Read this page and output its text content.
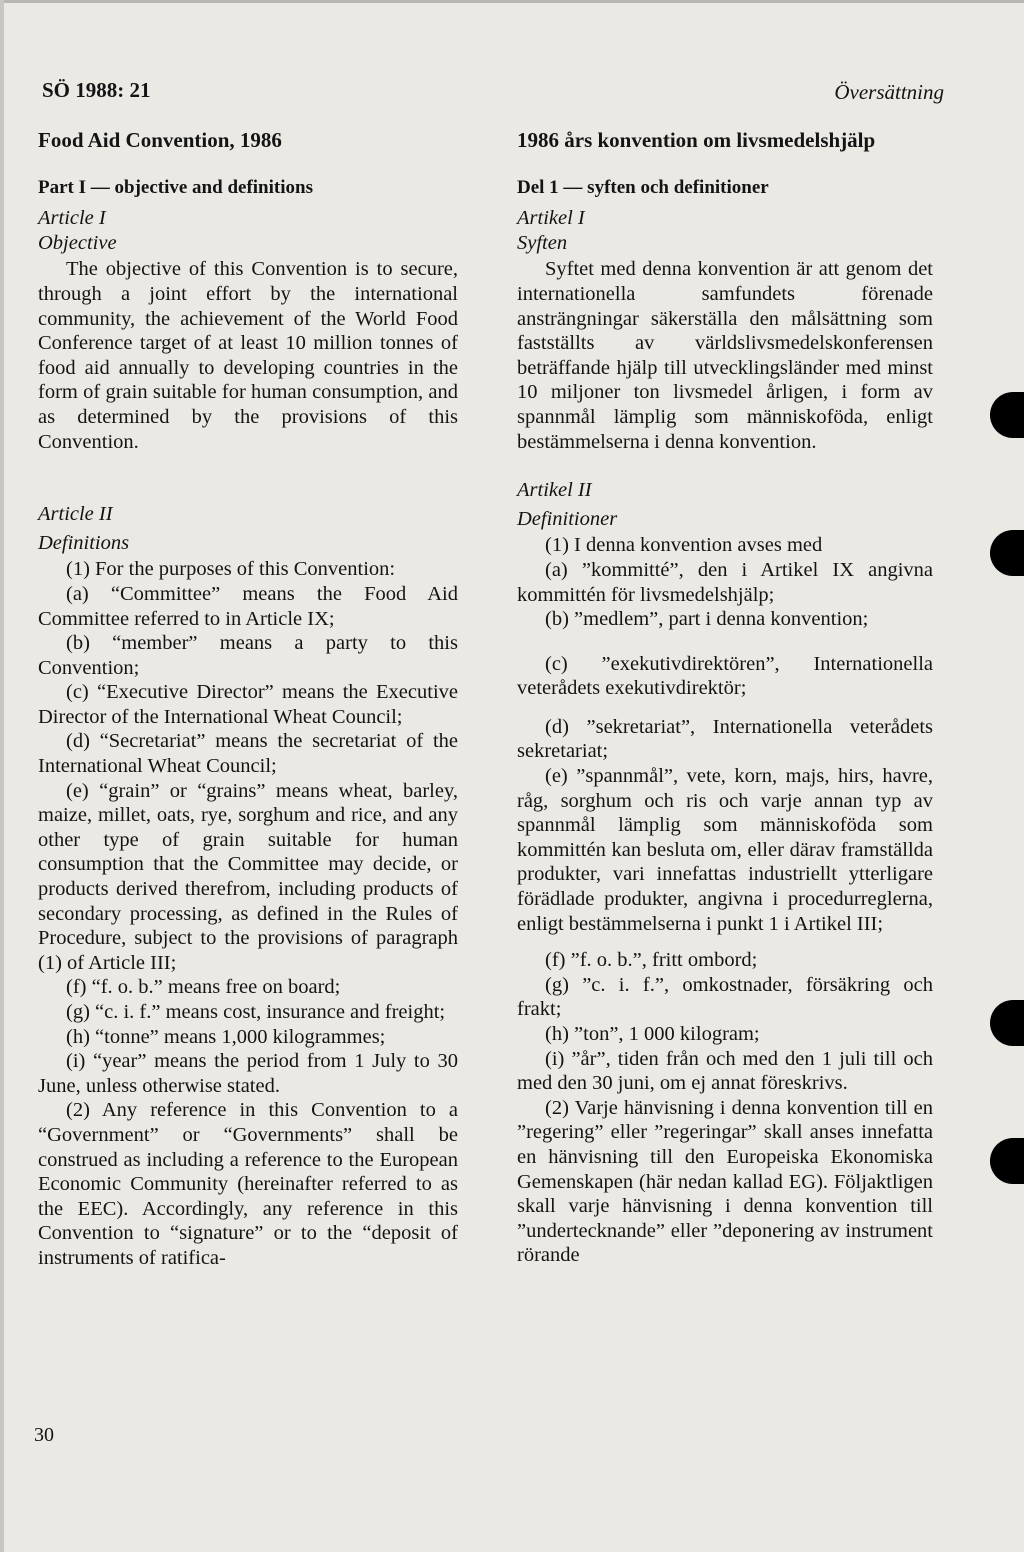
SÖ 1988: 21	Översättning

Food Aid Convention, 1986

Part I — objective and definitions

Article I

Objective

The objective of this Convention is to secure, through a joint effort by the international community, the achievement of the World Food Conference target of at least 10 million tonnes of food aid annually to developing countries in the form of grain suitable for human consumption, and as determined by the provisions of this Convention.

Article II

Definitions

(1) For the purposes of this Convention:

(a) “Committee” means the Food Aid Committee referred to in Article IX;

(b) “member” means a party to this Convention;

(c) “Executive Director” means the Executive Director of the International Wheat Council;

(d) “Secretariat” means the secretariat of the International Wheat Council;

(e) “grain” or “grains” means wheat, barley, maize, millet, oats, rye, sorghum and rice, and any other type of grain suitable for human consumption that the Committee may decide, or products derived therefrom, including products of secondary processing, as defined in the Rules of Procedure, subject to the provisions of paragraph (1) of Article III;

(f) “f. o. b.” means free on board;

(g) “c. i. f.” means cost, insurance and freight;

(h) “tonne” means 1,000 kilogrammes;

(i) “year” means the period from 1 July to 30 June, unless otherwise stated.

(2) Any reference in this Convention to a “Government” or “Governments” shall be construed as including a reference to the European Economic Community (hereinafter referred to as the EEC). Accordingly, any reference in this Convention to “signature” or to the “deposit of instruments of ratifica-

1986 års konvention om livsmedelshjälp

Del 1 — syften och definitioner

Artikel I

Syften

Syftet med denna konvention är att genom det internationella samfundets förenade ansträngningar säkerställa den målsättning som fastställts av världslivsmedelskonferensen beträffande hjälp till utvecklingsländer med minst 10 miljoner ton livsmedel årligen, i form av spannmål lämplig som människoföda, enligt bestämmelserna i denna konvention.

Artikel II

Definitioner

(1) I denna konvention avses med

(a) ”kommitté”, den i Artikel IX angivna kommittén för livsmedelshjälp;

(b) ”medlem”, part i denna konvention;

(c) ”exekutivdirektören”, Internationella veterådets exekutivdirektör;

(d) ”sekretariat”, Internationella veterådets sekretariat;

(e) ”spannmål”, vete, korn, majs, hirs, havre, råg, sorghum och ris och varje annan typ av spannmål lämplig som människoföda som kommittén kan besluta om, eller därav framställda produkter, vari innefattas industriellt ytterligare förädlade produkter, angivna i procedurreglerna, enligt bestämmelserna i punkt 1 i Artikel III;

(f) ”f. o. b.”, fritt ombord;

(g) ”c. i. f.”, omkostnader, försäkring och frakt;

(h) ”ton”, 1 000 kilogram;

(i) ”år”, tiden från och med den 1 juli till och med den 30 juni, om ej annat föreskrivs.

(2) Varje hänvisning i denna konvention till en ”regering” eller ”regeringar” skall anses innefatta en hänvisning till den Europeiska Ekonomiska Gemenskapen (här nedan kallad EG). Följaktligen skall varje hänvisning i denna konvention till ”undertecknande” eller ”deponering av instrument rörande

30
